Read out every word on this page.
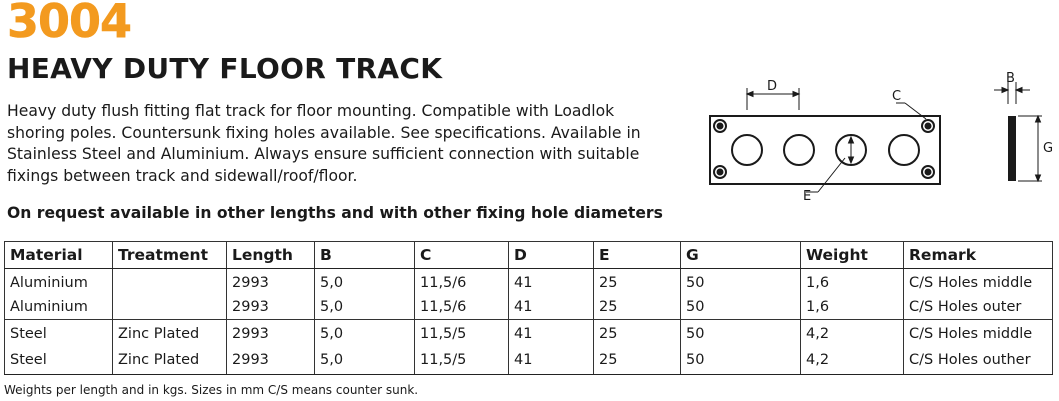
3004
HEAVY DUTY FLOOR TRACK
Heavy duty flush fitting flat track for floor mounting. Compatible with Loadlok shoring poles. Countersunk fixing holes available. See specifications. Available in Stainless Steel and Aluminium. Always ensure sufficient connection with suitable fixings between track and sidewall/roof/floor.
On request available in other lengths and with other fixing hole diameters
D
C
E
B
G
Material	Treatment	Length	B	C	D	E	G	Weight	Remark
Aluminium		2993	5,0	11,5/6	41	25	50	1,6	C/S Holes middle
Aluminium		2993	5,0	11,5/6	41	25	50	1,6	C/S Holes outer
Steel	Zinc Plated	2993	5,0	11,5/5	41	25	50	4,2	C/S Holes middle
Steel	Zinc Plated	2993	5,0	11,5/5	41	25	50	4,2	C/S Holes outher
Weights per length and in kgs. Sizes in mm C/S means counter sunk.
